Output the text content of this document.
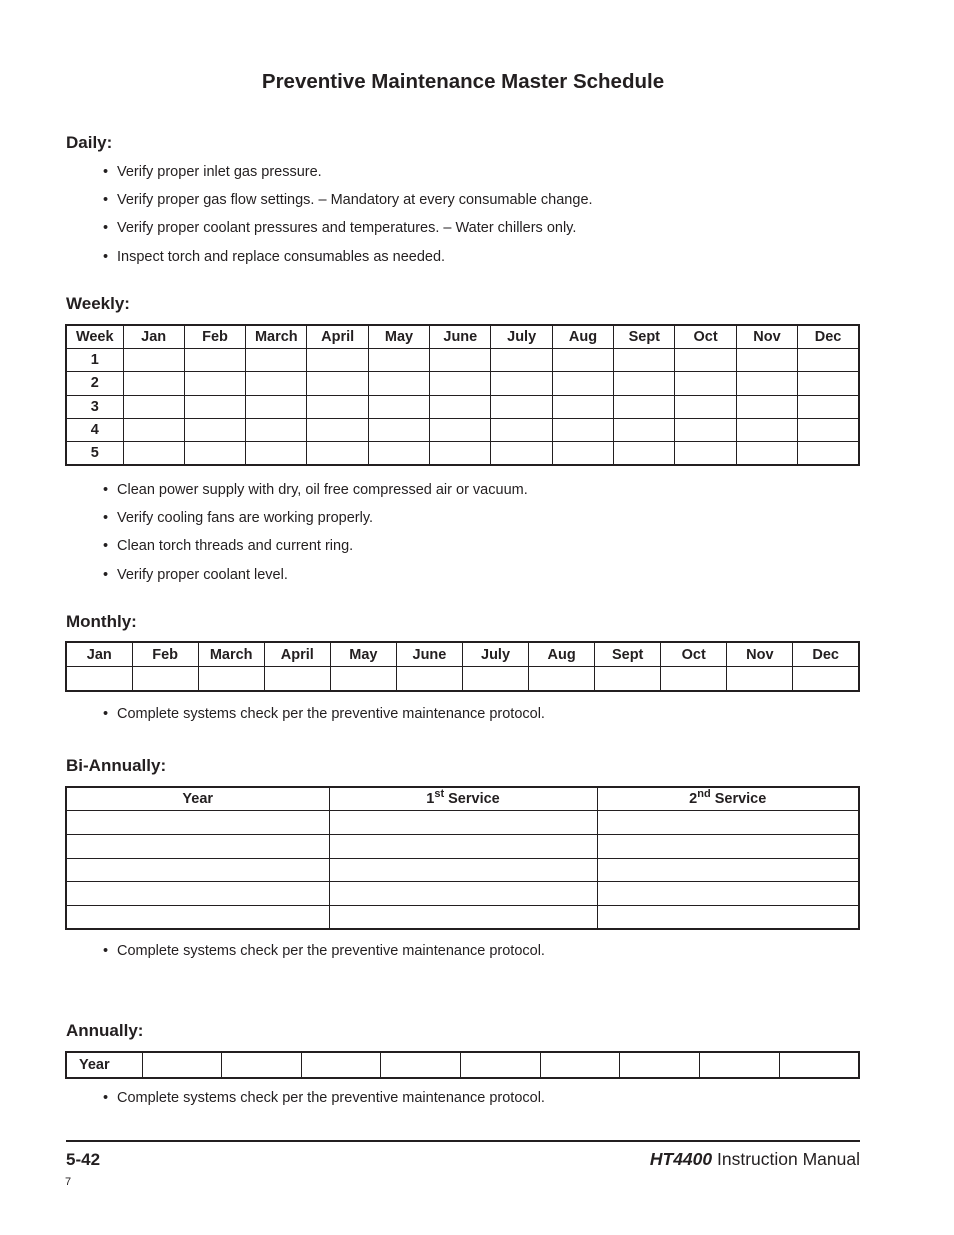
Preventive Maintenance Master Schedule
Daily:
• Verify proper inlet gas pressure.
• Verify proper gas flow settings. – Mandatory at every consumable change.
• Verify proper coolant pressures and temperatures. – Water chillers only.
• Inspect torch and replace consumables as needed.
Weekly:
Week	Jan	Feb	March	April	May	June	July	Aug	Sept	Oct	Nov	Dec
1												
2												
3												
4												
5												
• Clean power supply with dry, oil free compressed air or vacuum.
• Verify cooling fans are working properly.
• Clean torch threads and current ring.
• Verify proper coolant level.
Monthly:
Jan	Feb	March	April	May	June	July	Aug	Sept	Oct	Nov	Dec

• Complete systems check per the preventive maintenance protocol.
Bi-Annually:
Year	1st Service	2nd Service

• Complete systems check per the preventive maintenance protocol.
Annually:
Year									
• Complete systems check per the preventive maintenance protocol.
5-42	HT4400 Instruction Manual
7
